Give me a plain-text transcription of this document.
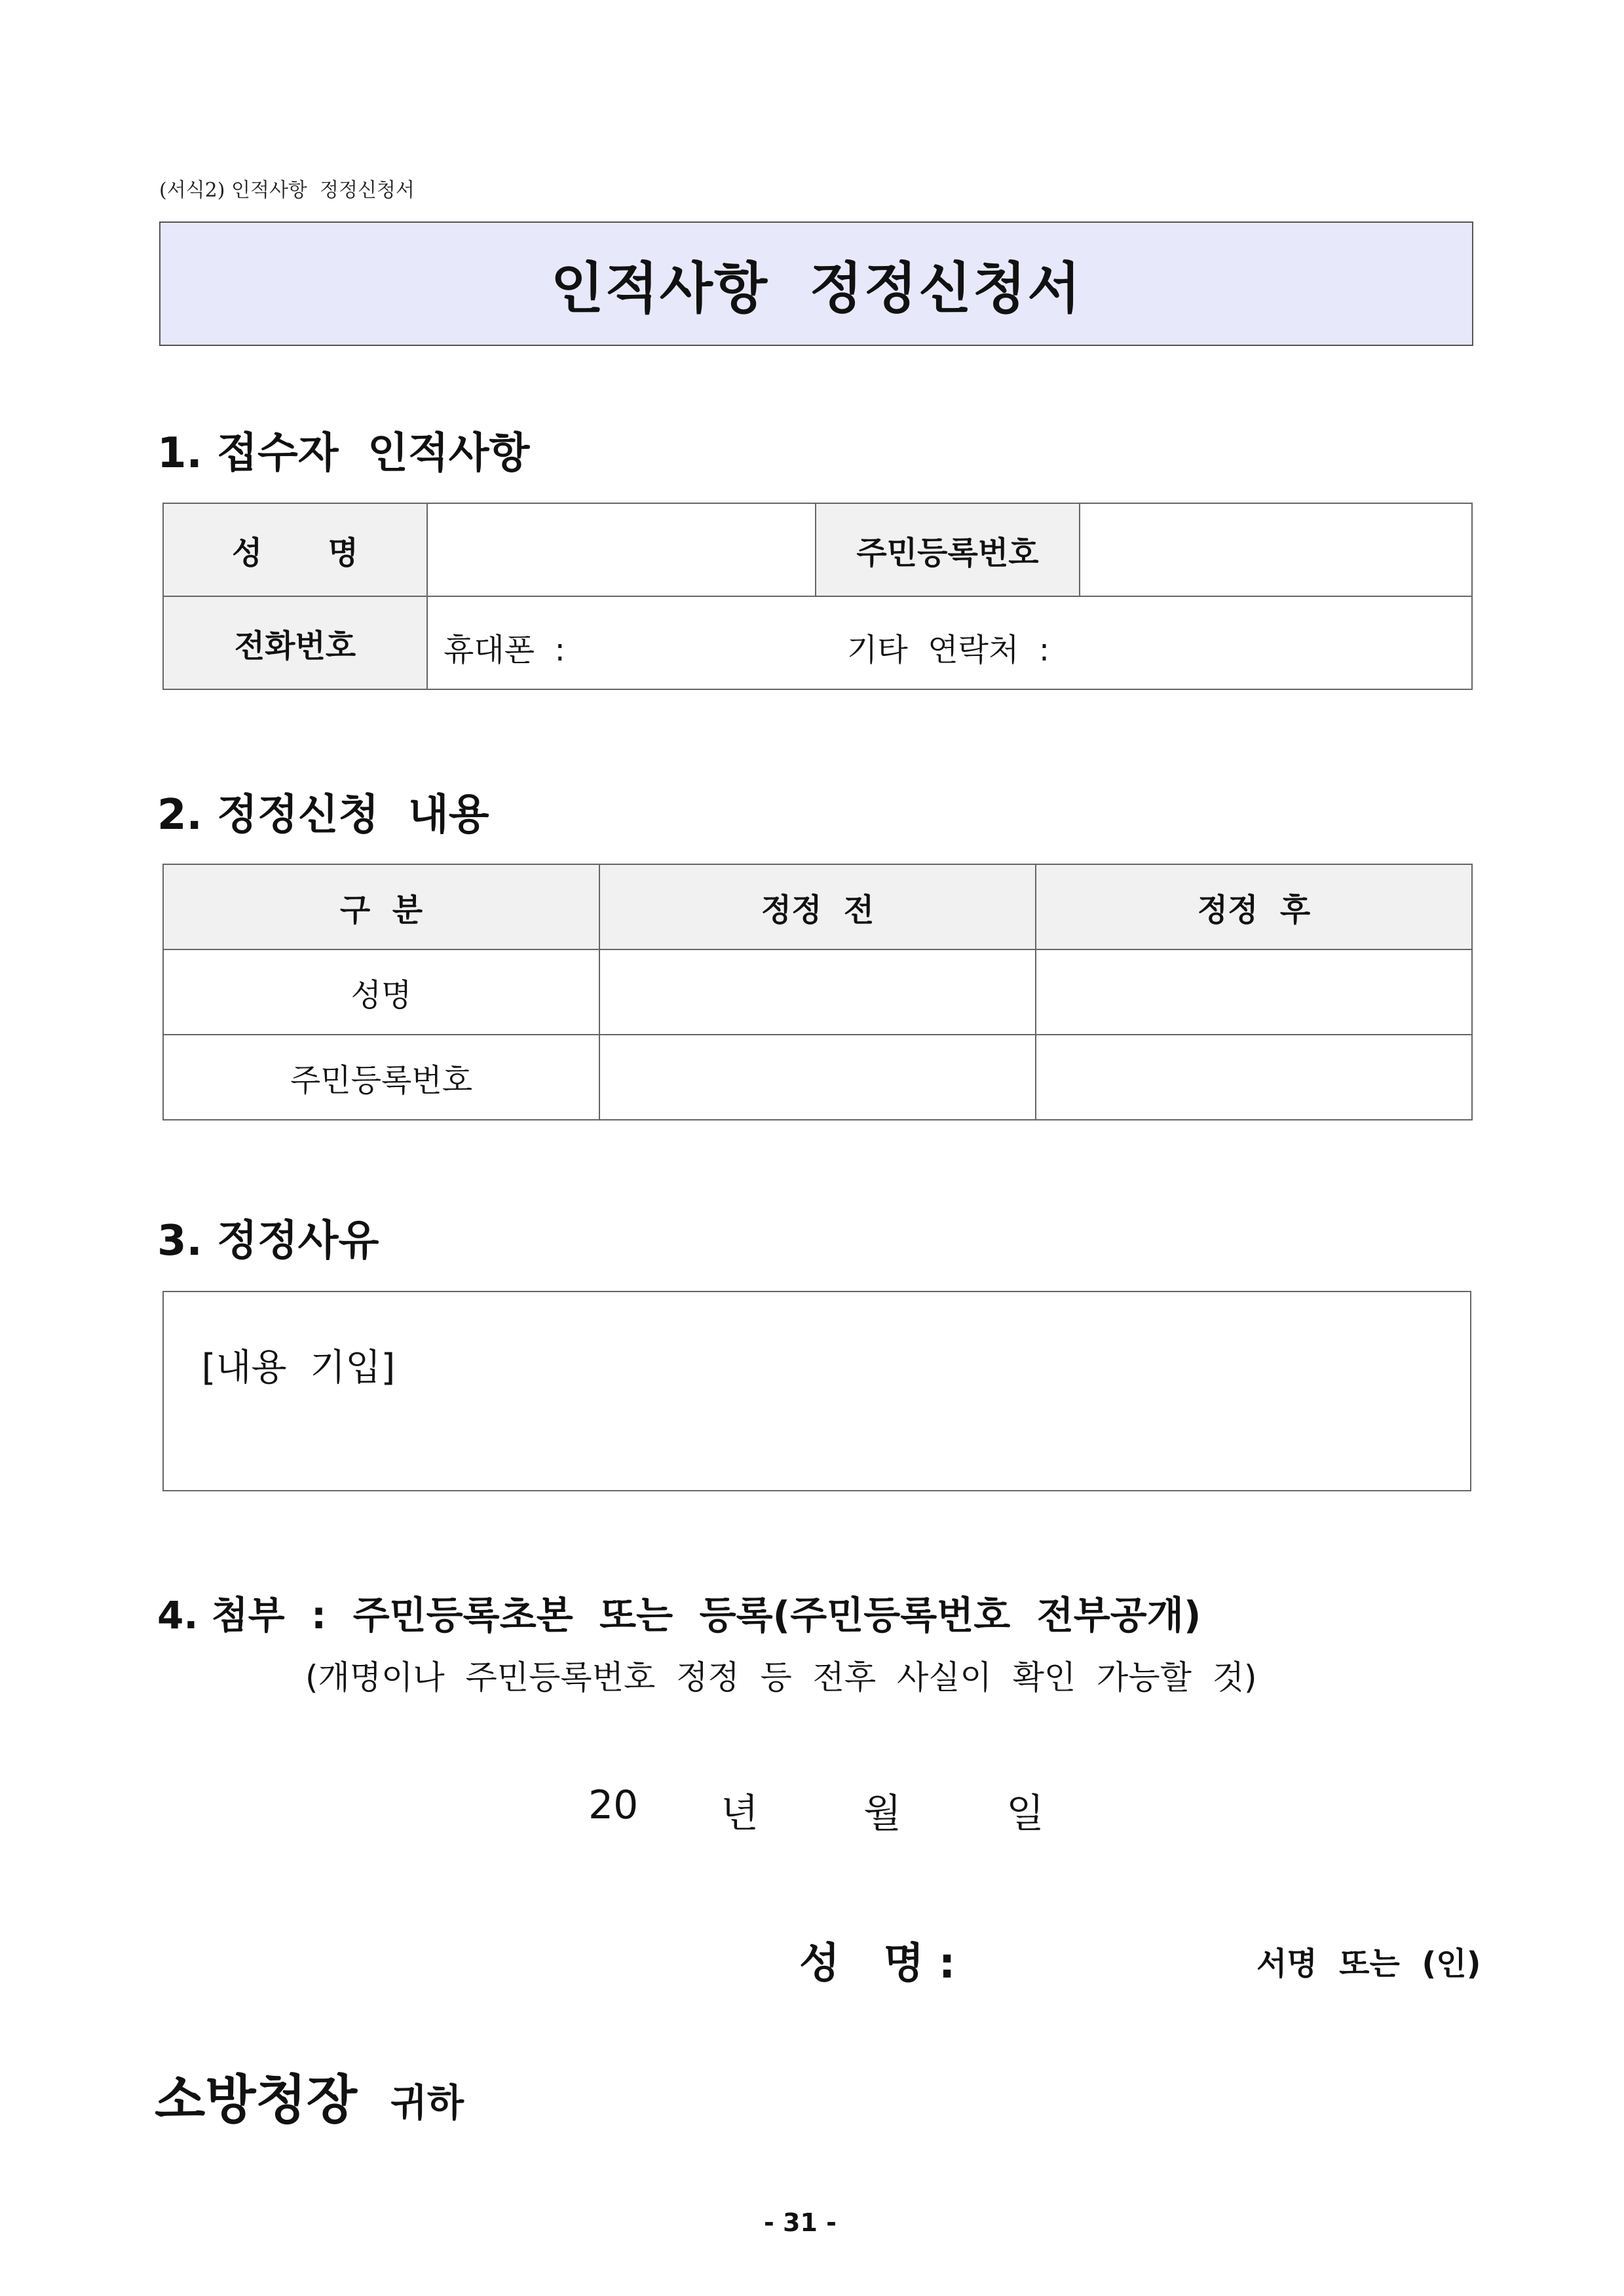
(서식2) 인적사항  정정신청서
인적사항  정정신청서
1. 접수자  인적사항
성      명		주민등록번호	
전화번호	휴대폰  : 기타  연락처  :		
2. 정정신청  내용
구  분	정정  전	정정  후
성명		
주민등록번호		
3. 정정사유

[내용  기입]

4. 첨부  :  주민등록초본  또는  등록(주민등록번호  전부공개)
(개명이나  주민등록번호  정정  등  전후  사실이  확인  가능할  것)
20 년	월	일
성   명 :	서명  또는  (인)
소방청장 귀하
- 31 -
